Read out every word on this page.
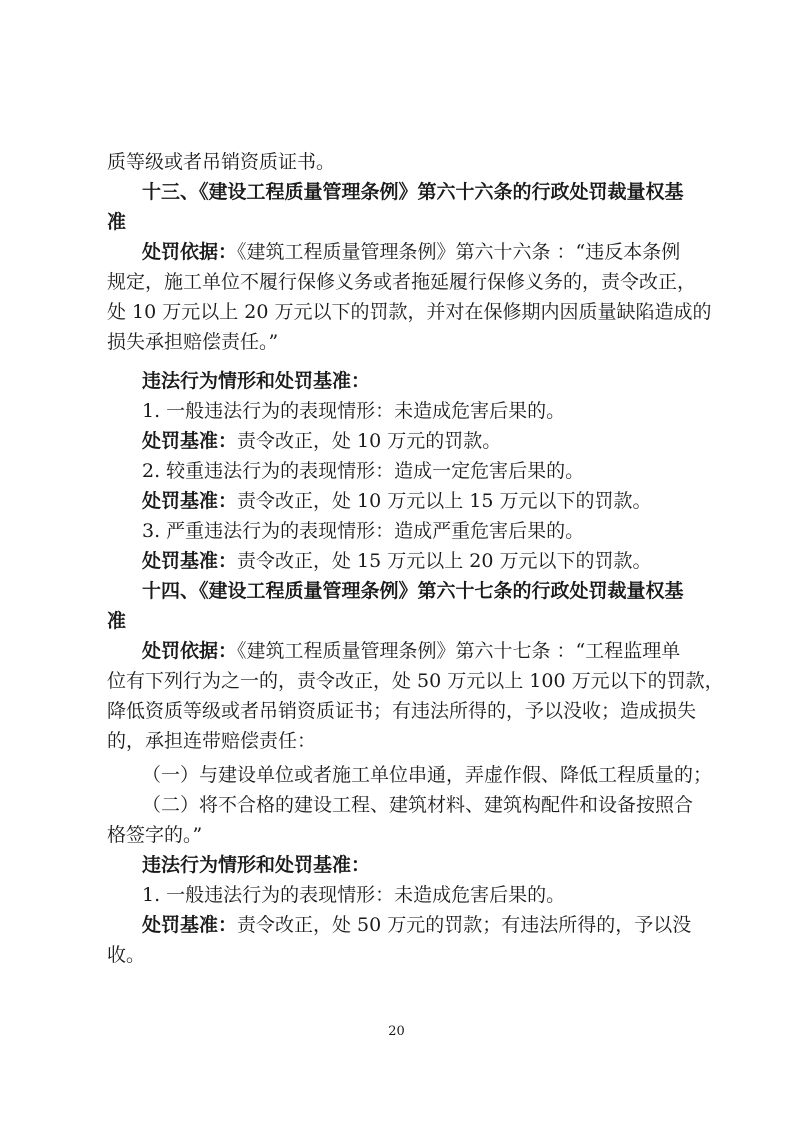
质等级或者吊销资质证书。
十三、《建设工程质量管理条例》第六十六条的行政处罚裁量权基
准
处罚依据：《建筑工程质量管理条例》第六十六条 ：“违反本条例
规定，施工单位不履行保修义务或者拖延履行保修义务的，责令改正，
处 10 万元以上 20 万元以下的罚款，并对在保修期内因质量缺陷造成的
损失承担赔偿责任。”
违法行为情形和处罚基准：
1. 一般违法行为的表现情形：未造成危害后果的。
处罚基准：责令改正，处 10 万元的罚款。
2. 较重违法行为的表现情形：造成一定危害后果的。
处罚基准：责令改正，处 10 万元以上 15 万元以下的罚款。
3. 严重违法行为的表现情形：造成严重危害后果的。
处罚基准：责令改正，处 15 万元以上 20 万元以下的罚款。
十四、《建设工程质量管理条例》第六十七条的行政处罚裁量权基
准
处罚依据：《建筑工程质量管理条例》第六十七条 ：“工程监理单
位有下列行为之一的，责令改正，处 50 万元以上 100 万元以下的罚款，
降低资质等级或者吊销资质证书；有违法所得的，予以没收；造成损失
的，承担连带赔偿责任：
（一）与建设单位或者施工单位串通，弄虚作假、降低工程质量的；
（二）将不合格的建设工程、建筑材料、建筑构配件和设备按照合
格签字的。”
违法行为情形和处罚基准：
1. 一般违法行为的表现情形：未造成危害后果的。
处罚基准：责令改正，处 50 万元的罚款；有违法所得的，予以没
收。
20
